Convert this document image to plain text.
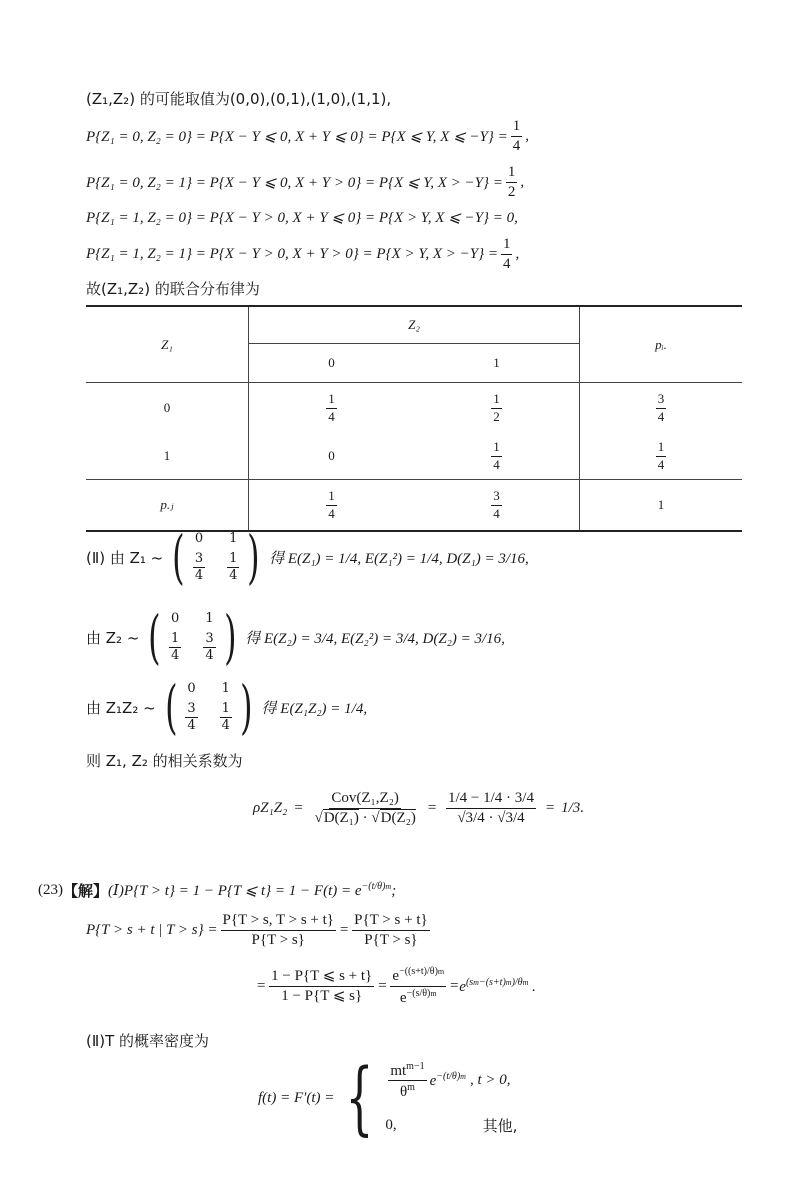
(Z₁,Z₂) 的可能取值为(0,0),(0,1),(1,0),(1,1),
P{Z₁ = 0, Z₂ = 0} = P{X − Y ⩽ 0, X + Y ⩽ 0} = P{X ⩽ Y, X ⩽ $-Y\} = \frac{1}{4}$ ,
P{Z₁ = 0, Z₂ = 1} = P{X − Y ⩽ 0, X + Y > 0} = P{X ⩽ Y, $X > -Y\} = \frac{1}{2}$ ,
P{Z₁ = 1, Z₂ = 0} = P{X − Y > 0, X + Y ⩽ 0} = P{X > Y, X ⩽ −Y} = 0,
P{Z₁ = 1, Z₂ = 1} = P{X − Y > 0, X + Y > 0} = P{X > Y, $X > -Y\} = \frac{1}{4}$ ,
故(Z₁,Z₂) 的联合分布律为
Z₁	Z₂		pᵢ.
	0	1	
0	$\frac{1}{4}$	$\frac{1}{2}$	$\frac{3}{4}$

1	0	$\frac{1}{4}$	$\frac{1}{4}$

p.ⱼ	$\frac{1}{4}$	$\frac{3}{4}$	1
(Ⅱ) 由 Z₁ ~ ( 0 1
$\frac{3}{4} \frac{1}{4}$ ) 得 E(Z₁) = 1/4, E(Z₁²) = 1/4, D(Z₁) = 3/16,
由 Z₂ ~ ( 0 1
$\frac{1}{4} \frac{3}{4}$ ) 得 E(Z₂) = 3/4, E(Z₂²) = 3/4, D(Z₂) = 3/16,
由 Z₁Z₂ ~ ( 0 1
$\frac{3}{4} \frac{1}{4}$ ) 得 E(Z₁Z₂) = 1/4,
则 Z₁, Z₂ 的相关系数为
$\rho Z_1Z_2 = \frac{\text{Cov(Z₁,Z₂)}}{\text{√D(Z₁) · √D(Z₂)}} = \frac{1/4 - 1/4 \cdot 3/4}{√3/4 \cdot √3/4} = 1/3$.
(23) 【解】 (Ⅰ)P{T > t} = 1 − P{T ⩽ $t\} = 1 - F(t) = e^{-(t/\theta)m}$;
P{T > s + t | $T > s\} = \frac{P\{T > s, T > s + t\}}{P\{T > s\}} = \frac{P\{T > s + t\}}{P\{T > s\}}$
= $\frac{1 - P\{T ⩽ s + t\}}{1 - P\{T ⩽ s\}} = \frac{e^{-((s+t)/\theta)m}}{e^{-(s/\theta)m}} = e^{(sm-(s+t)m)/\theta m}$ .
(Ⅱ)T 的概率密度为
f(t) = F′(t) = { $\frac{mt^{m-1}}{\theta^m} e^{-(t/\theta)m}$ , t > 0,
0,	其他,
